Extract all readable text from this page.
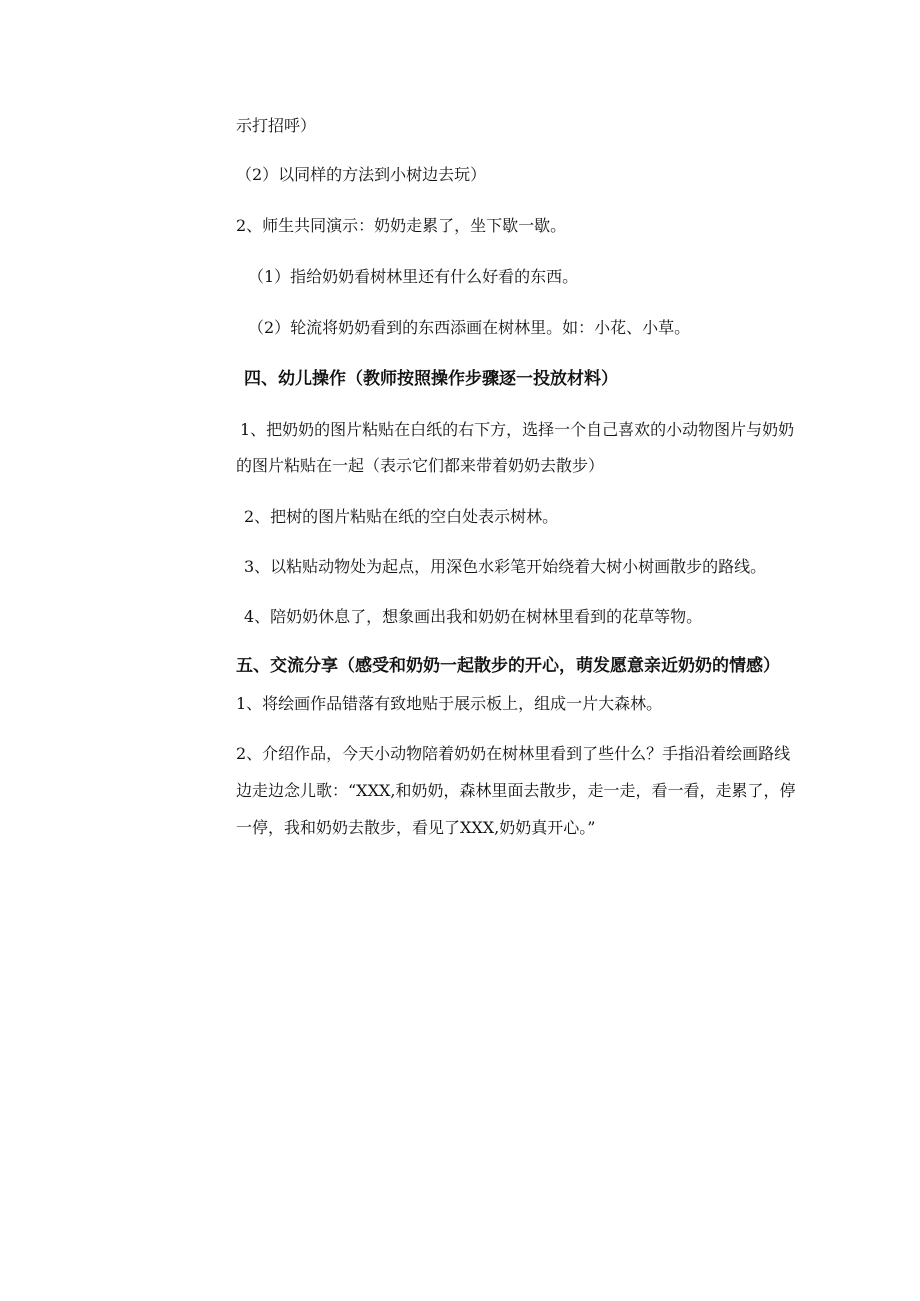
示打招呼）
（2）以同样的方法到小树边去玩）
2、师生共同演示：奶奶走累了，坐下歇一歇。
（1）指给奶奶看树林里还有什么好看的东西。
（2）轮流将奶奶看到的东西添画在树林里。如：小花、小草。
四、幼儿操作（教师按照操作步骤逐一投放材料）
1、把奶奶的图片粘贴在白纸的右下方，选择一个自己喜欢的小动物图片与奶奶
的图片粘贴在一起（表示它们都来带着奶奶去散步）
2、把树的图片粘贴在纸的空白处表示树林。
3、以粘贴动物处为起点，用深色水彩笔开始绕着大树小树画散步的路线。
4、陪奶奶休息了，想象画出我和奶奶在树林里看到的花草等物。
五、交流分享（感受和奶奶一起散步的开心，萌发愿意亲近奶奶的情感）
1、将绘画作品错落有致地贴于展示板上，组成一片大森林。
2、介绍作品，今天小动物陪着奶奶在树林里看到了些什么？手指沿着绘画路线
边走边念儿歌：“XXX,和奶奶，森林里面去散步，走一走，看一看，走累了，停
一停，我和奶奶去散步，看见了XXX,奶奶真开心。”
